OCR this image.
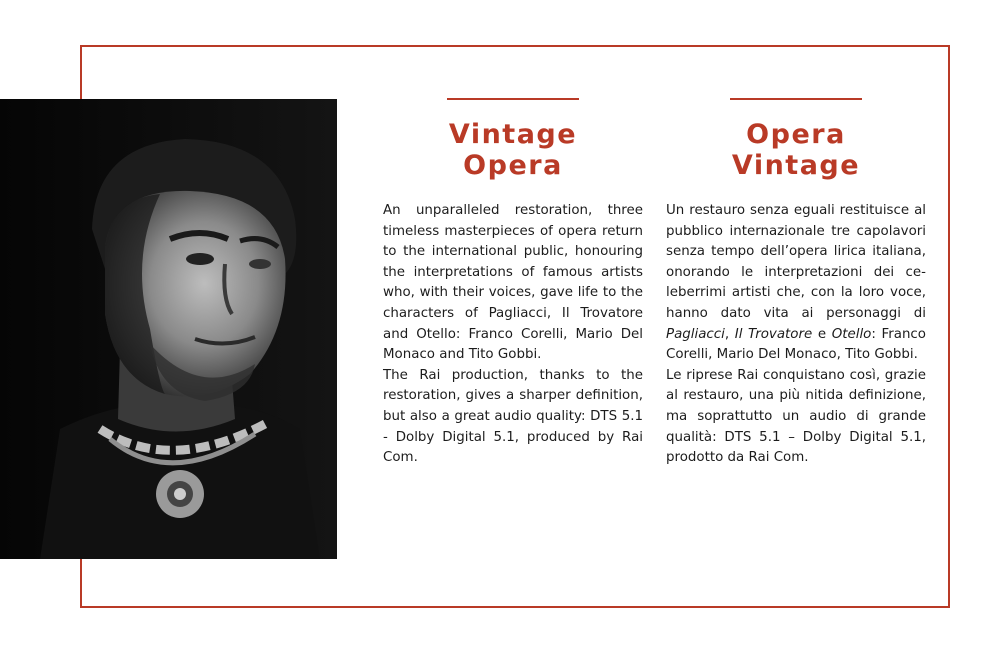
Vintage
Opera

An unparalleled restoration, three timeless masterpieces of opera return to the international public, honouring the interpretations of famous artists who, with their voices, gave life to the characters of Pagliacci, Il Trovatore and Otello: Franco Corelli, Mario Del Monaco and Tito Gobbi.

The Rai production, thanks to the restoration, gives a sharper definition, but also a great audio quality: DTS 5.1 - Dolby Digital 5.1, produced by Rai Com.

Opera
Vintage

Un restauro senza eguali restituisce al pubblico internazionale tre capolavori senza tempo dell’opera lirica italiana, onorando le interpretazioni dei celeberrimi artisti che, con la loro voce, hanno dato vita ai personaggi di Pagliacci, Il Trovatore e Otello: Franco Corelli, Mario Del Monaco, Tito Gobbi.

Le riprese Rai conquistano così, grazie al restauro, una più nitida definizione, ma soprattutto un audio di grande qualità: DTS 5.1 – Dolby Digital 5.1, prodotto da Rai Com.
